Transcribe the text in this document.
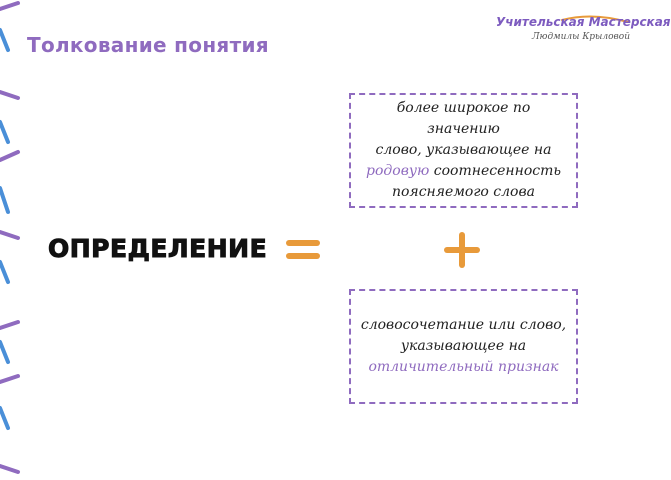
Толкование понятия
Учительская Мастерская
Людмилы Крыловой
ОПРЕДЕЛЕНИЕ
более широкое по значению
слово, указывающее на
родовую соотнесенность
поясняемого слова
словосочетание или слово,
указывающее на
отличительный признак
